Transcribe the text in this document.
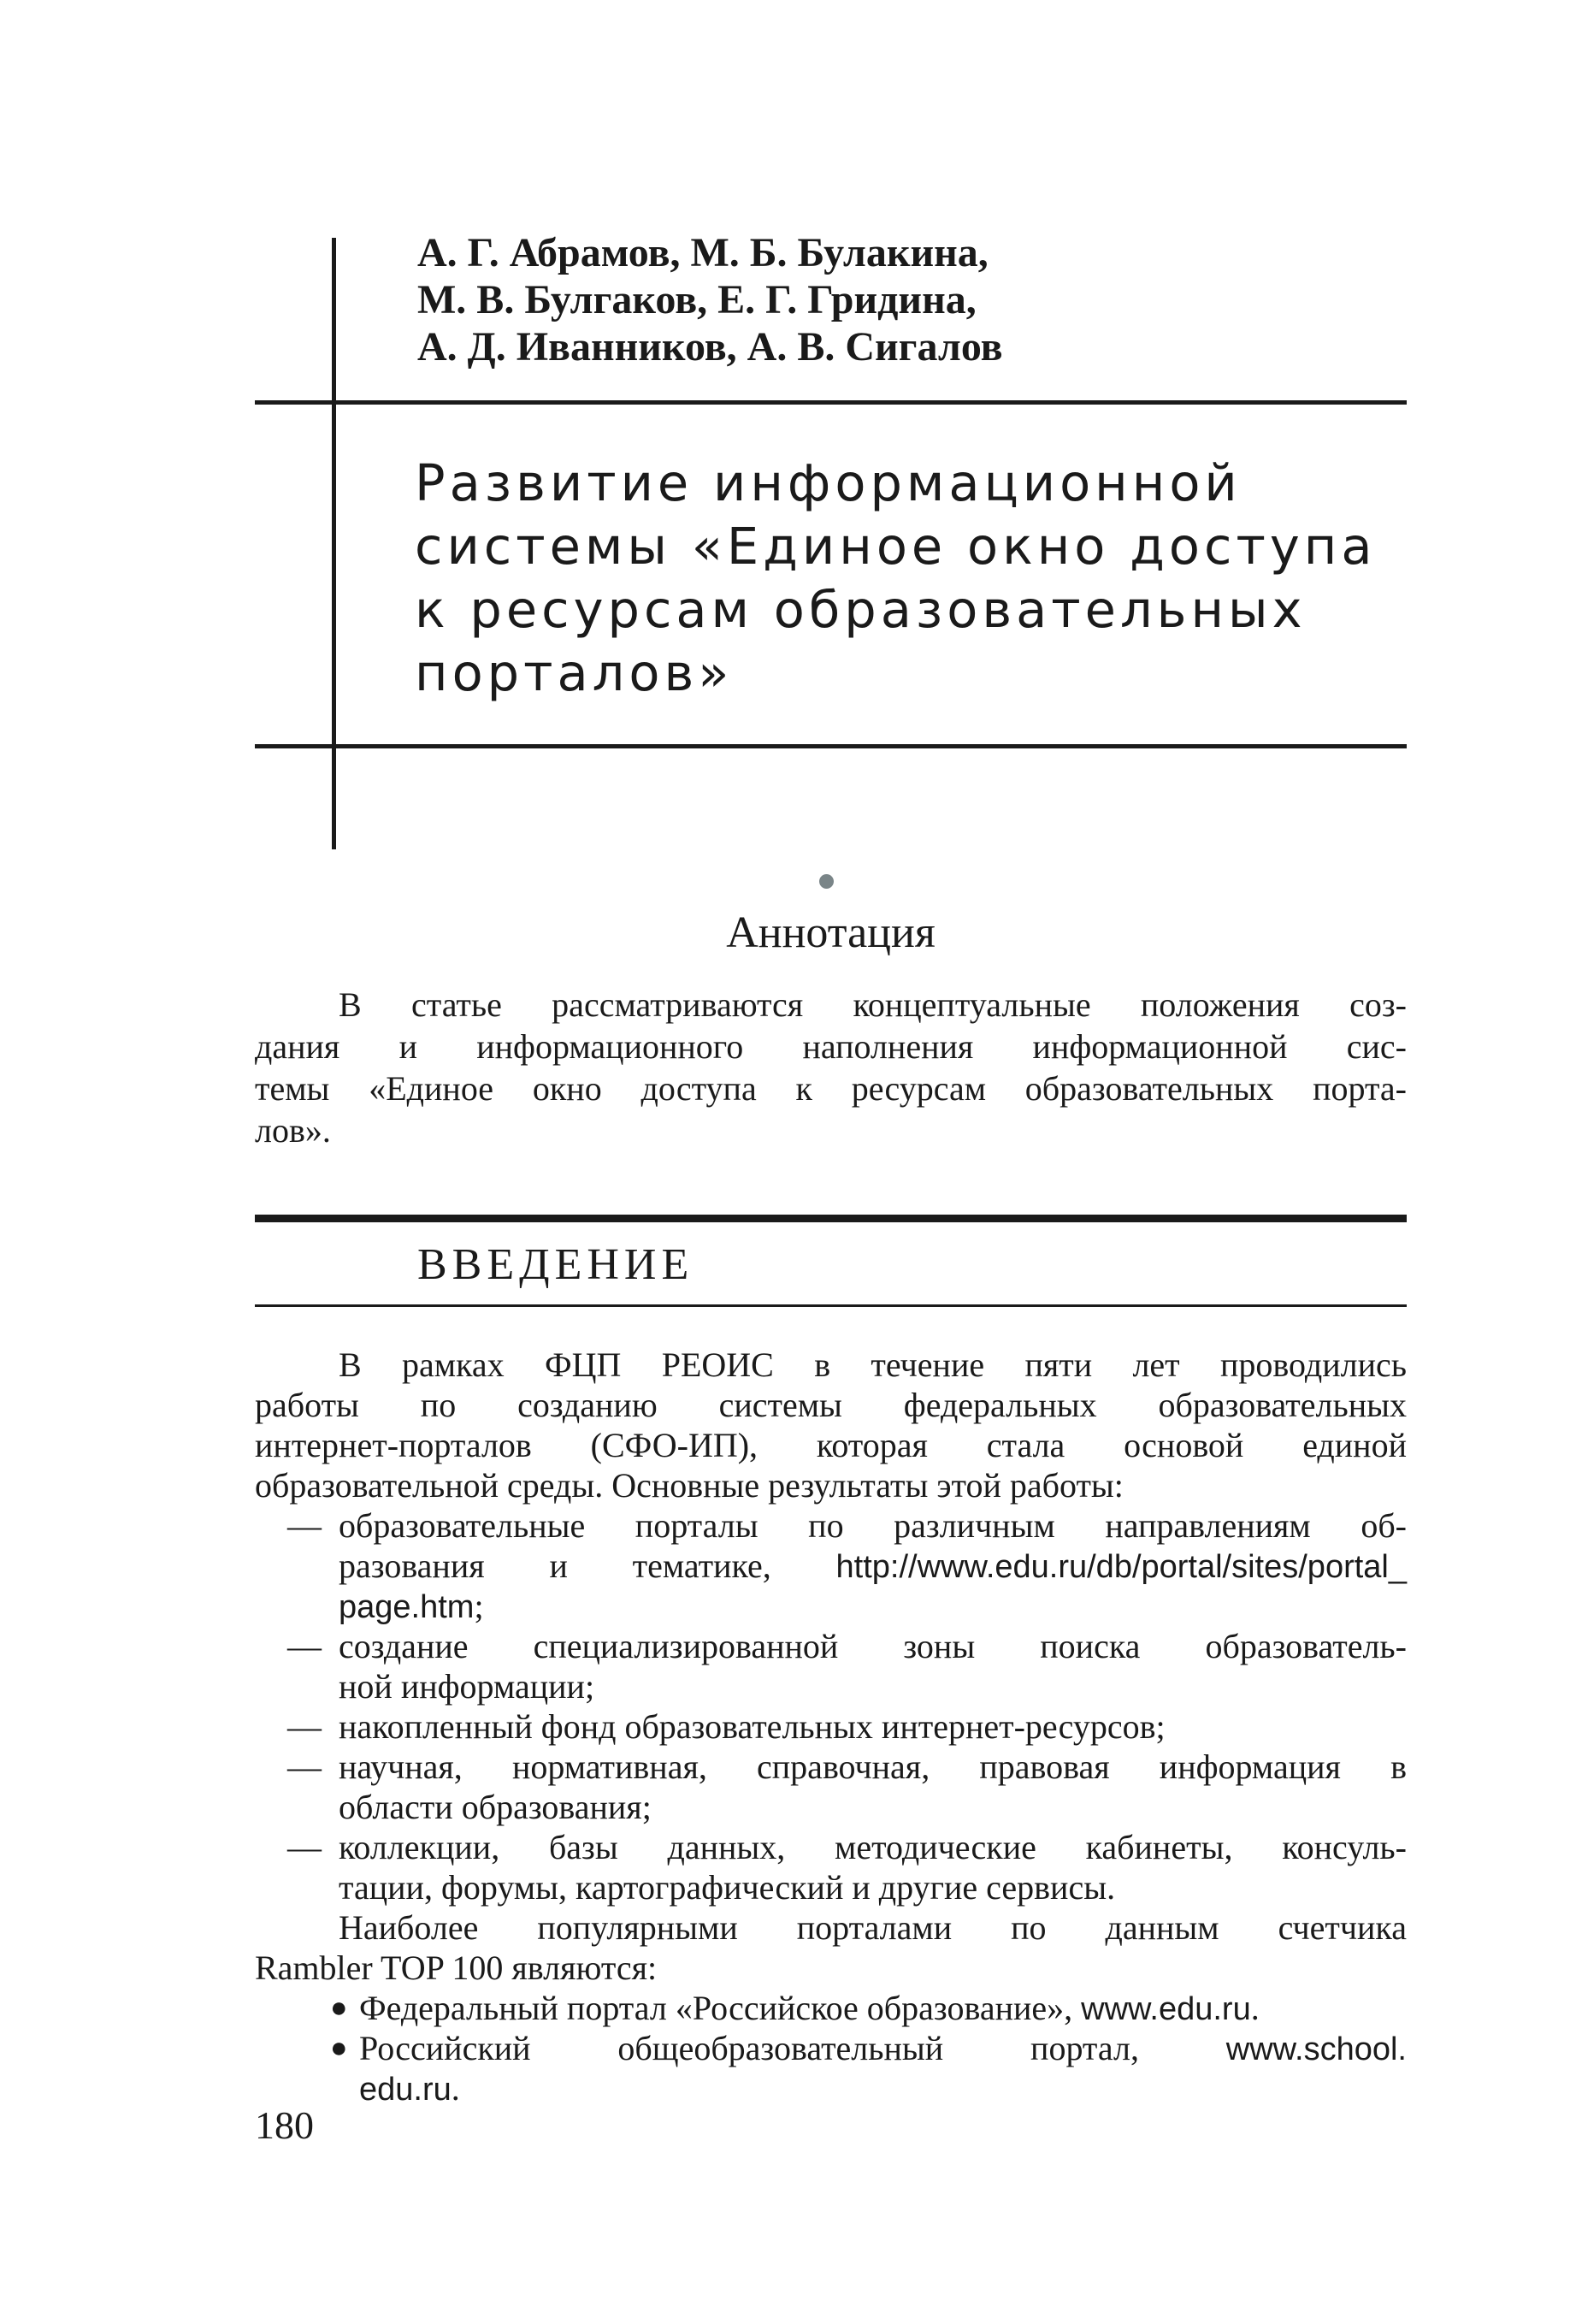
А. Г. Абрамов, М. Б. Булакина,
М. В. Булгаков, Е. Г. Гридина,
А. Д. Иванников, А. В. Сигалов
Развитие информационной
системы «Единое окно доступа
к ресурсам образовательных
порталов»
Аннотация
В статье рассматриваются концептуальные положения соз-
дания и информационного наполнения информационной сис-
темы «Единое окно доступа к ресурсам образовательных порта-
лов».
ВВЕДЕНИЕ
В рамках ФЦП РЕОИС в течение пяти лет проводились
работы по созданию системы федеральных образовательных
интернет-порталов (СФО-ИП), которая стала основой единой
образовательной среды. Основные результаты этой работы:
— образовательные порталы по различным направлениям об-
разования и тематике, http://www.edu.ru/db/portal/sites/portal_
page.htm;
— создание специализированной зоны поиска образователь-
ной информации;
— накопленный фонд образовательных интернет-ресурсов;
— научная, нормативная, справочная, правовая информация в
области образования;
— коллекции, базы данных, методические кабинеты, консуль-
тации, форумы, картографический и другие сервисы.
Наиболее популярными порталами по данным счетчика
Rambler TOP 100 являются:
● Федеральный портал «Российское образование», www.edu.ru.
● Российский общеобразовательный портал, www.school.
edu.ru.
180
